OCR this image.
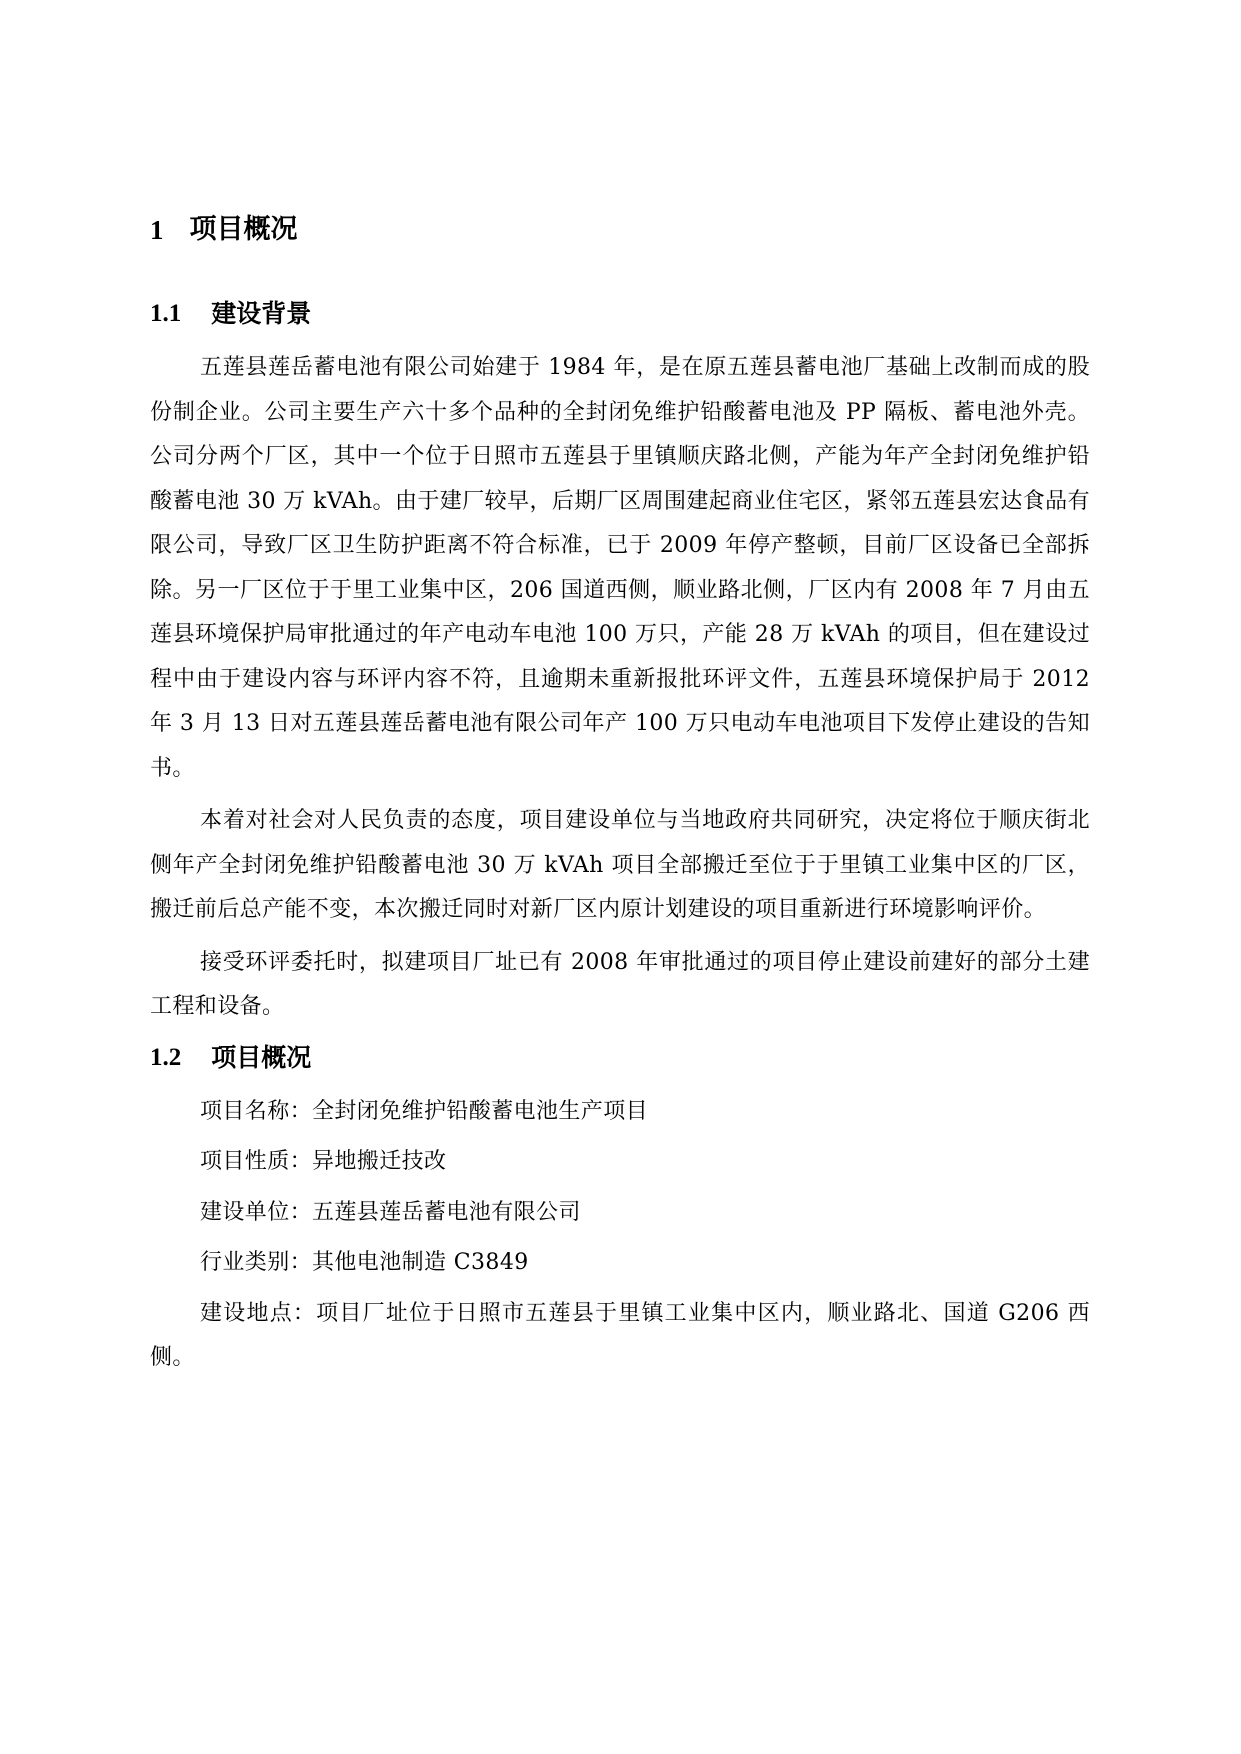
1 项目概况
1.1 建设背景

五莲县莲岳蓄电池有限公司始建于 1984 年，是在原五莲县蓄电池厂基础上改制而成的股份制企业。公司主要生产六十多个品种的全封闭免维护铅酸蓄电池及 PP 隔板、蓄电池外壳。公司分两个厂区，其中一个位于日照市五莲县于里镇顺庆路北侧，产能为年产全封闭免维护铅酸蓄电池 30 万 kVAh。由于建厂较早，后期厂区周围建起商业住宅区，紧邻五莲县宏达食品有限公司，导致厂区卫生防护距离不符合标准，已于 2009 年停产整顿，目前厂区设备已全部拆除。另一厂区位于于里工业集中区，206 国道西侧，顺业路北侧，厂区内有 2008 年 7 月由五莲县环境保护局审批通过的年产电动车电池 100 万只，产能 28 万 kVAh 的项目，但在建设过程中由于建设内容与环评内容不符，且逾期未重新报批环评文件，五莲县环境保护局于 2012 年 3 月 13 日对五莲县莲岳蓄电池有限公司年产 100 万只电动车电池项目下发停止建设的告知书。

本着对社会对人民负责的态度，项目建设单位与当地政府共同研究，决定将位于顺庆街北侧年产全封闭免维护铅酸蓄电池 30 万 kVAh 项目全部搬迁至位于于里镇工业集中区的厂区，搬迁前后总产能不变，本次搬迁同时对新厂区内原计划建设的项目重新进行环境影响评价。

接受环评委托时，拟建项目厂址已有 2008 年审批通过的项目停止建设前建好的部分土建工程和设备。

1.2 项目概况

项目名称：全封闭免维护铅酸蓄电池生产项目

项目性质：异地搬迁技改

建设单位：五莲县莲岳蓄电池有限公司

行业类别：其他电池制造 C3849

建设地点：项目厂址位于日照市五莲县于里镇工业集中区内，顺业路北、国道 G206 西侧。
